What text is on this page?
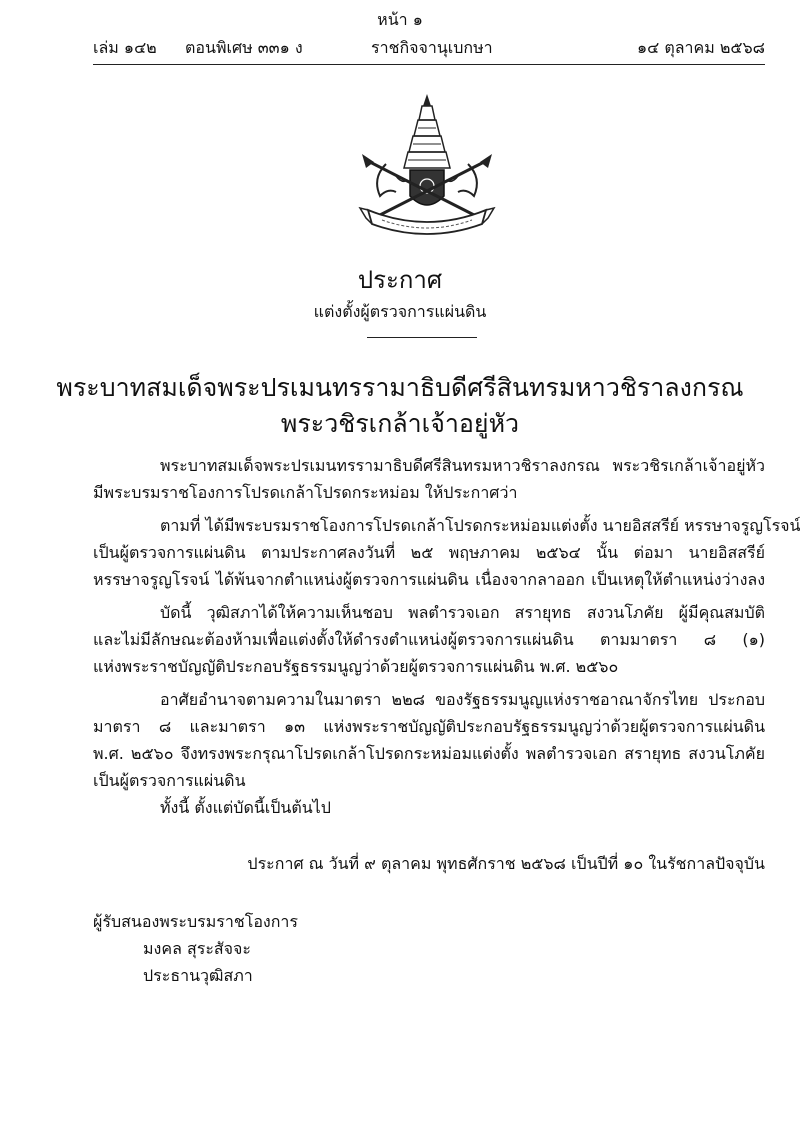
หน้า ๑
เล่ม ๑๔๒ ตอนพิเศษ ๓๓๑ ง	ราชกิจจานุเบกษา	๑๔ ตุลาคม ๒๕๖๘
ประกาศ
แต่งตั้งผู้ตรวจการแผ่นดิน
พระบาทสมเด็จพระปรเมนทรรามาธิบดีศรีสินทรมหาวชิราลงกรณ
พระวชิรเกล้าเจ้าอยู่หัว
พระบาทสมเด็จพระปรเมนทรรามาธิบดีศรีสินทรมหาวชิราลงกรณ พระวชิรเกล้าเจ้าอยู่หัว
มีพระบรมราชโองการโปรดเกล้าโปรดกระหม่อม ให้ประกาศว่า
ตามที่ ได้มีพระบรมราชโองการโปรดเกล้าโปรดกระหม่อมแต่งตั้ง นายอิสสรีย์ หรรษาจรูญโรจน์
เป็นผู้ตรวจการแผ่นดิน ตามประกาศลงวันที่ ๒๕ พฤษภาคม ๒๕๖๔ นั้น ต่อมา นายอิสสรีย์
หรรษาจรูญโรจน์ ได้พ้นจากตำแหน่งผู้ตรวจการแผ่นดิน เนื่องจากลาออก เป็นเหตุให้ตำแหน่งว่างลง
บัดนี้ วุฒิสภาได้ให้ความเห็นชอบ พลตำรวจเอก สรายุทธ สงวนโภคัย ผู้มีคุณสมบัติ
และไม่มีลักษณะต้องห้ามเพื่อแต่งตั้งให้ดำรงตำแหน่งผู้ตรวจการแผ่นดิน ตามมาตรา ๘ (๑)
แห่งพระราชบัญญัติประกอบรัฐธรรมนูญว่าด้วยผู้ตรวจการแผ่นดิน พ.ศ. ๒๕๖๐
อาศัยอำนาจตามความในมาตรา ๒๒๘ ของรัฐธรรมนูญแห่งราชอาณาจักรไทย ประกอบ
มาตรา ๘ และมาตรา ๑๓ แห่งพระราชบัญญัติประกอบรัฐธรรมนูญว่าด้วยผู้ตรวจการแผ่นดิน
พ.ศ. ๒๕๖๐ จึงทรงพระกรุณาโปรดเกล้าโปรดกระหม่อมแต่งตั้ง พลตำรวจเอก สรายุทธ สงวนโภคัย
เป็นผู้ตรวจการแผ่นดิน
ทั้งนี้ ตั้งแต่บัดนี้เป็นต้นไป
ประกาศ ณ วันที่ ๙ ตุลาคม พุทธศักราช ๒๕๖๘ เป็นปีที่ ๑๐ ในรัชกาลปัจจุบัน
ผู้รับสนองพระบรมราชโองการ
มงคล สุระสัจจะ
ประธานวุฒิสภา
